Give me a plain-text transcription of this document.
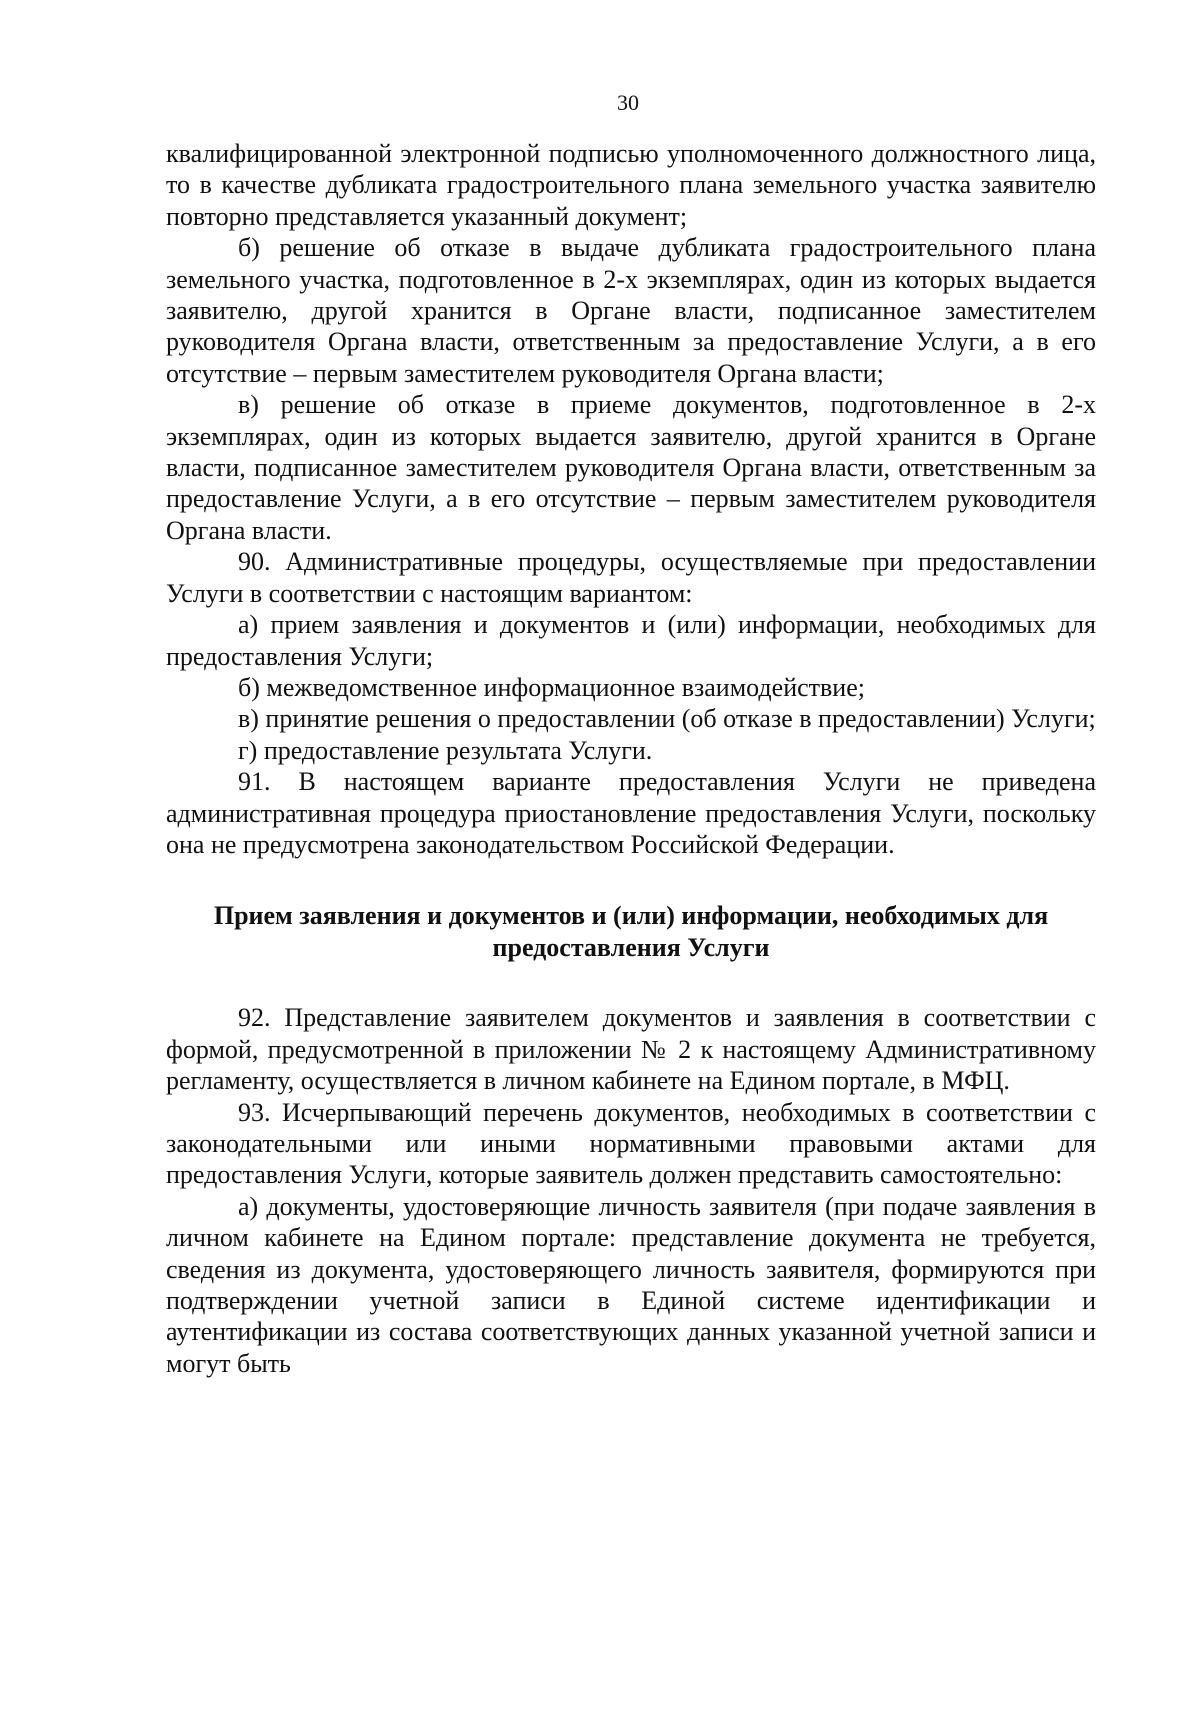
30

квалифицированной электронной подписью уполномоченного должностного лица, то в качестве дубликата градостроительного плана земельного участка заявителю повторно представляется указанный документ;

б) решение об отказе в выдаче дубликата градостроительного плана земельного участка, подготовленное в 2-х экземплярах, один из которых выдается заявителю, другой хранится в Органе власти, подписанное заместителем руководителя Органа власти, ответственным за предоставление Услуги, а в его отсутствие – первым заместителем руководителя Органа власти;

в) решение об отказе в приеме документов, подготовленное в 2-х экземплярах, один из которых выдается заявителю, другой хранится в Органе власти, подписанное заместителем руководителя Органа власти, ответственным за предоставление Услуги, а в его отсутствие – первым заместителем руководителя Органа власти.

90. Административные процедуры, осуществляемые при предоставлении Услуги в соответствии с настоящим вариантом:

а) прием заявления и документов и (или) информации, необходимых для предоставления Услуги;

б) межведомственное информационное взаимодействие;

в) принятие решения о предоставлении (об отказе в предоставлении) Услуги;

г) предоставление результата Услуги.

91. В настоящем варианте предоставления Услуги не приведена административная процедура приостановление предоставления Услуги, поскольку она не предусмотрена законодательством Российской Федерации.

Прием заявления и документов и (или) информации, необходимых для
предоставления Услуги

92. Представление заявителем документов и заявления в соответствии с формой, предусмотренной в приложении № 2 к настоящему Административному регламенту, осуществляется в личном кабинете на Едином портале, в МФЦ.

93. Исчерпывающий перечень документов, необходимых в соответствии с законодательными или иными нормативными правовыми актами для предоставления Услуги, которые заявитель должен представить самостоятельно:

а) документы, удостоверяющие личность заявителя (при подаче заявления в личном кабинете на Едином портале: представление документа не требуется, сведения из документа, удостоверяющего личность заявителя, формируются при подтверждении учетной записи в Единой системе идентификации и аутентификации из состава соответствующих данных указанной учетной записи и могут быть
